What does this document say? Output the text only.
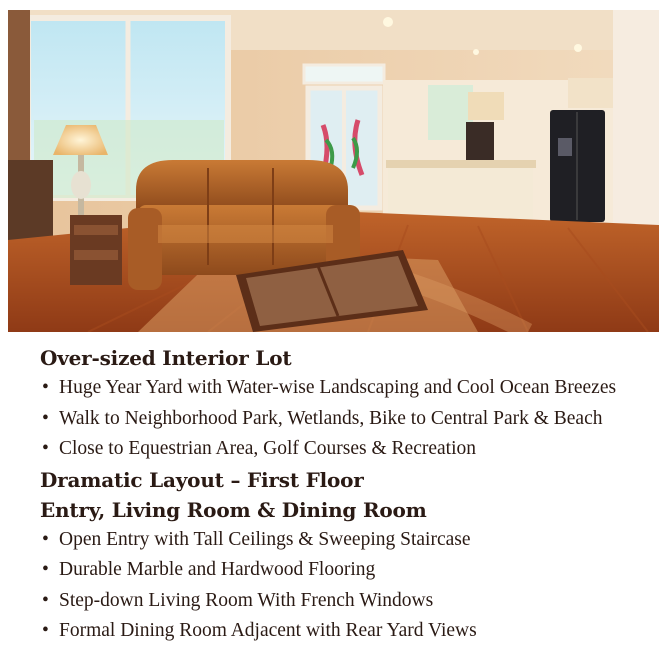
Over-sized Interior Lot
• Huge Year Yard with Water-wise Landscaping and Cool Ocean Breezes
• Walk to Neighborhood Park, Wetlands, Bike to Central Park & Beach
• Close to Equestrian Area, Golf Courses & Recreation
Dramatic Layout – First Floor
Entry, Living Room & Dining Room
• Open Entry with Tall Ceilings & Sweeping Staircase
• Durable Marble and Hardwood Flooring
• Step-down Living Room With French Windows
• Formal Dining Room Adjacent with Rear Yard Views
